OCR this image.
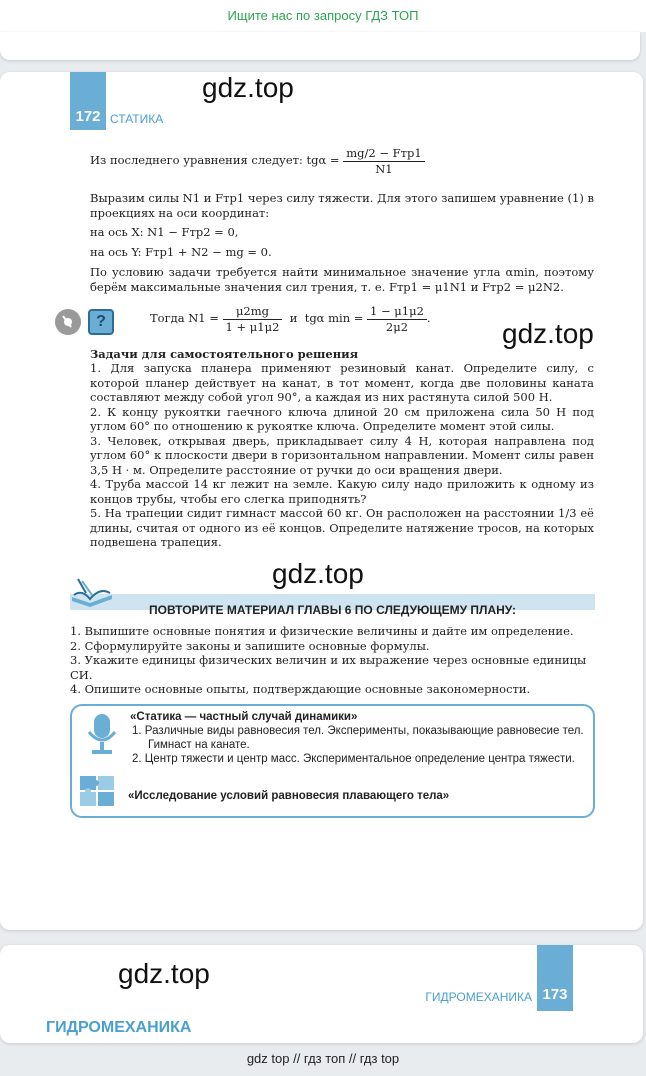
Ищите нас по запросу ГДЗ ТОП
172 СТАТИКА
gdz.top
Из последнего уравнения следует: $tg\alpha = \frac{\text{mg/2 − Fтр1}}{N1}$
Выразим силы N1 и Fтр1 через силу тяжести. Для этого запишем уравнение (1) в проекциях на оси координат:
на ось X: N1 − Fтр2 = 0,
на ось Y: Fтр1 + N2 − mg = 0.
По условию задачи требуется найти минимальное значение угла αmin, поэтому берём максимальные значения сил трения, т. е. Fтр1 = μ1N1 и Fтр2 = μ2N2.
?	Тогда $N1 = \frac{\mu 2mg}{1 + \mu 1\mu 2}$ и tgα $\min = \frac{1 - \mu 1\mu 2}{2\mu 2}$ .	gdz.top
Задачи для самостоятельного решения
1. Для запуска планера применяют резиновый канат. Определите силу, с которой планер действует на канат, в тот момент, когда две половины каната составляют между собой угол 90°, а каждая из них растянута силой 500 Н.
2. К концу рукоятки гаечного ключа длиной 20 см приложена сила 50 Н под углом 60° по отношению к рукоятке ключа. Определите момент этой силы.
3. Человек, открывая дверь, прикладывает силу 4 Н, которая направлена под углом 60° к плоскости двери в горизонтальном направлении. Момент силы равен 3,5 Н · м. Определите расстояние от ручки до оси вращения двери.
4. Труба массой 14 кг лежит на земле. Какую силу надо приложить к одному из концов трубы, чтобы его слегка приподнять?
5. На трапеции сидит гимнаст массой 60 кг. Он расположен на расстоянии 1/3 её длины, считая от одного из её концов. Определите натяжение тросов, на которых подвешена трапеция.
gdz.top
ПОВТОРИТЕ МАТЕРИАЛ ГЛАВЫ 6 ПО СЛЕДУЮЩЕМУ ПЛАНУ:
1. Выпишите основные понятия и физические величины и дайте им определение.
2. Сформулируйте законы и запишите основные формулы.
3. Укажите единицы физических величин и их выражение через основные единицы СИ.
4. Опишите основные опыты, подтверждающие основные закономерности.
«Статика — частный случай динамики»
1. Различные виды равновесия тел. Эксперименты, показывающие равновесие тел. Гимнаст на канате.
2. Центр тяжести и центр масс. Экспериментальное определение центра тяжести.
«Исследование условий равновесия плавающего тела»
gdz.top
173
ГИДРОМЕХАНИКА
ГИДРОМЕХАНИКА
gdz top // гдз топ // гдз top
